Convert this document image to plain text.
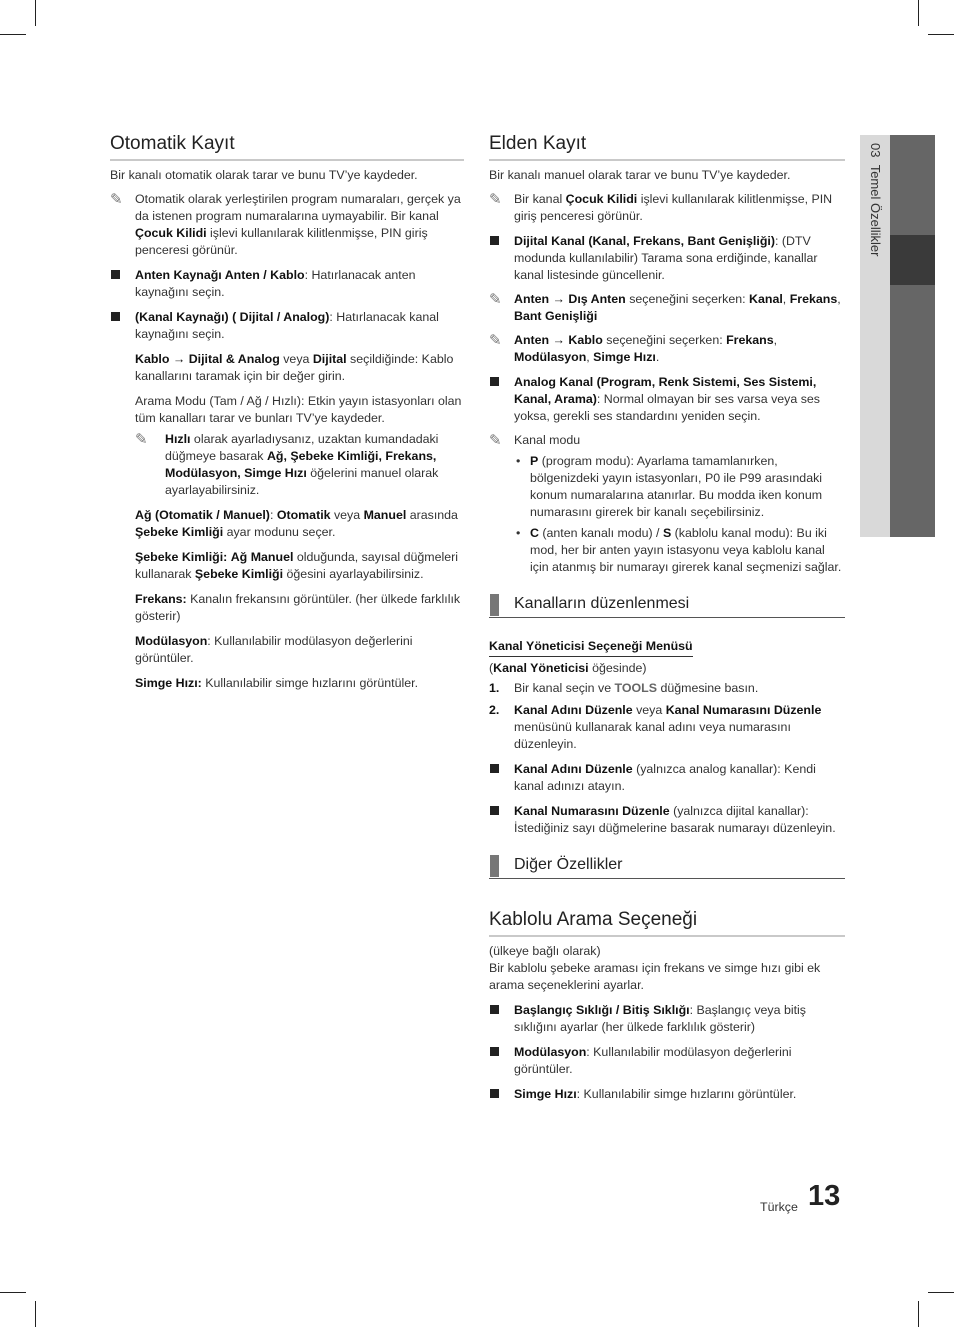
03  Temel Özellikler
Otomatik Kayıt

Bir kanalı otomatik olarak tarar ve bunu TV’ye kaydeder.

✎ Otomatik olarak yerleştirilen program numaraları, gerçek ya da istenen program numaralarına uymayabilir. Bir kanal Çocuk Kilidi işlevi kullanılarak kilitlenmişse, PIN giriş penceresi görünür.
Anten Kaynağı Anten / Kablo: Hatırlanacak anten kaynağını seçin.
(Kanal Kaynağı) ( Dijital / Analog): Hatırlanacak kanal kaynağını seçin.

Kablo → Dijital & Analog veya Dijital seçildiğinde: Kablo kanallarını taramak için bir değer girin.

Arama Modu (Tam / Ağ / Hızlı): Etkin yayın istasyonları olan tüm kanalları tarar ve bunları TV’ye kaydeder.

✎ Hızlı olarak ayarladıysanız, uzaktan kumandadaki düğmeye basarak Ağ, Şebeke Kimliği, Frekans, Modülasyon, Simge Hızı öğelerini manuel olarak ayarlayabilirsiniz.

Ağ (Otomatik / Manuel): Otomatik veya Manuel arasında Şebeke Kimliği ayar modunu seçer.

Şebeke Kimliği: Ağ Manuel olduğunda, sayısal düğmeleri kullanarak Şebeke Kimliği öğesini ayarlayabilirsiniz.

Frekans: Kanalın frekansını görüntüler. (her ülkede farklılık gösterir)

Modülasyon: Kullanılabilir modülasyon değerlerini görüntüler.

Simge Hızı: Kullanılabilir simge hızlarını görüntüler.

Elden Kayıt

Bir kanalı manuel olarak tarar ve bunu TV’ye kaydeder.

✎ Bir kanal Çocuk Kilidi işlevi kullanılarak kilitlenmişse, PIN giriş penceresi görünür.
Dijital Kanal (Kanal, Frekans, Bant Genişliği): (DTV modunda kullanılabilir) Tarama sona erdiğinde, kanallar kanal listesinde güncellenir.
✎ Anten → Dış Anten seçeneğini seçerken: Kanal, Frekans, Bant Genişliği
✎ Anten → Kablo seçeneğini seçerken: Frekans, Modülasyon, Simge Hızı.
Analog Kanal (Program, Renk Sistemi, Ses Sistemi, Kanal, Arama): Normal olmayan bir ses varsa veya ses yoksa, gerekli ses standardını yeniden seçin.
✎ Kanal modu
• P (program modu): Ayarlama tamamlanırken, bölgenizdeki yayın istasyonları, P0 ile P99 arasındaki konum numaralarına atanırlar. Bu modda iken konum numarasını girerek bir kanalı seçebilirsiniz.
• C (anten kanalı modu) / S (kablolu kanal modu): Bu iki mod, her bir anten yayın istasyonu veya kablolu kanal için atanmış bir numarayı girerek kanal seçmenizi sağlar.
Kanalların düzenlenmesi
Kanal Yöneticisi Seçeneği Menüsü

(Kanal Yöneticisi öğesinde)

1. Bir kanal seçin ve TOOLS düğmesine basın.
2. Kanal Adını Düzenle veya Kanal Numarasını Düzenle menüsünü kullanarak kanal adını veya numarasını düzenleyin.
Kanal Adını Düzenle (yalnızca analog kanallar): Kendi kanal adınızı atayın.
Kanal Numarasını Düzenle (yalnızca dijital kanallar): İstediğiniz sayı düğmelerine basarak numarayı düzenleyin.
Diğer Özellikler
Kablolu Arama Seçeneği

(ülkeye bağlı olarak)

Bir kablolu şebeke araması için frekans ve simge hızı gibi ek arama seçeneklerini ayarlar.

Başlangıç Sıklığı / Bitiş Sıklığı: Başlangıç veya bitiş sıklığını ayarlar (her ülkede farklılık gösterir)
Modülasyon: Kullanılabilir modülasyon değerlerini görüntüler.
Simge Hızı: Kullanılabilir simge hızlarını görüntüler.
Türkçe 13
